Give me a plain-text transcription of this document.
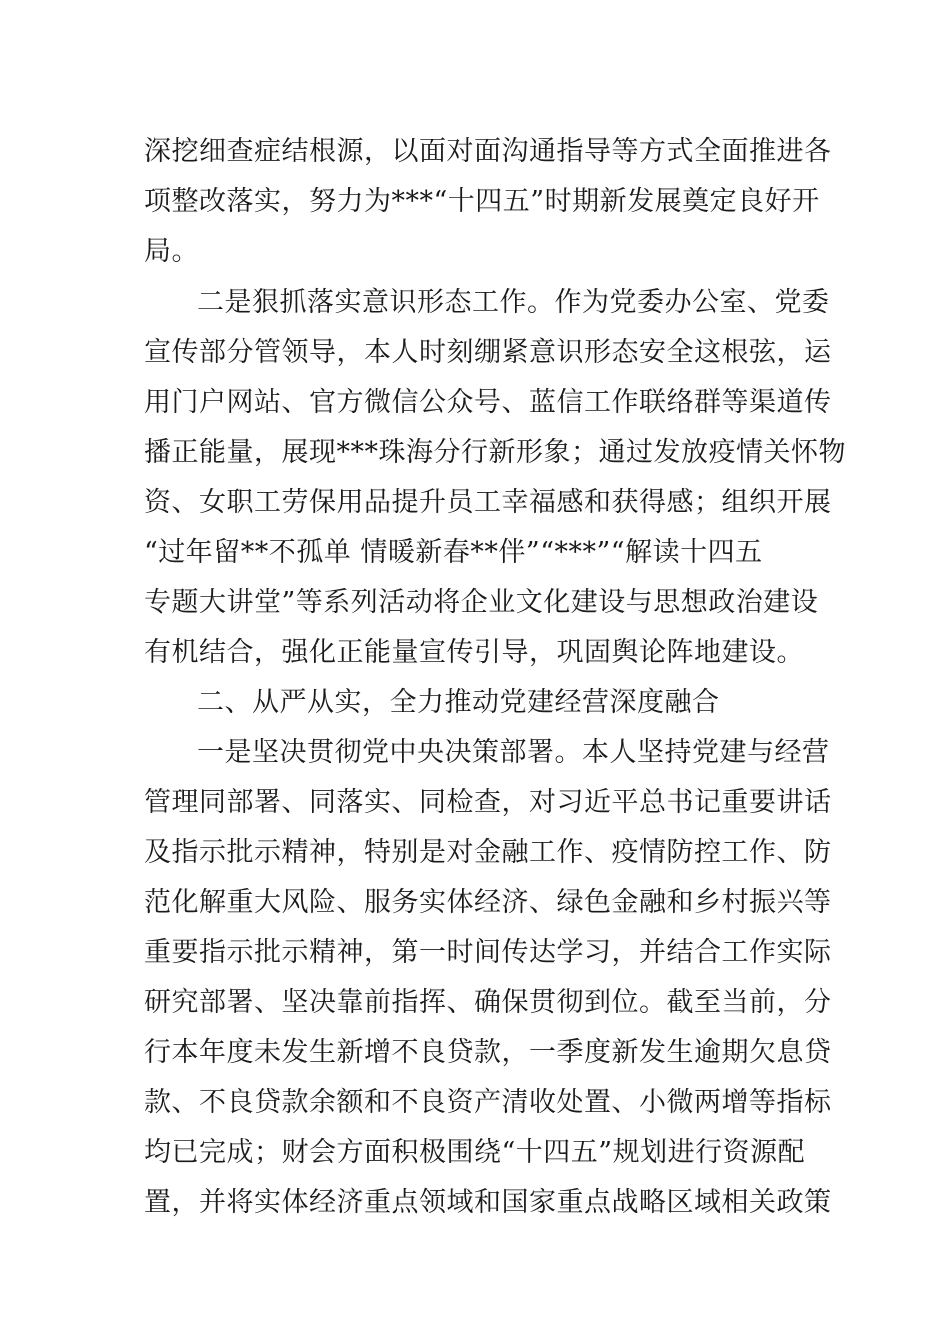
深挖细查症结根源，以面对面沟通指导等方式全面推进各
项整改落实，努力为***“十四五”时期新发展奠定良好开
局。
二是狠抓落实意识形态工作。作为党委办公室、党委
宣传部分管领导，本人时刻绷紧意识形态安全这根弦，运
用门户网站、官方微信公众号、蓝信工作联络群等渠道传
播正能量，展现***珠海分行新形象；通过发放疫情关怀物
资、女职工劳保用品提升员工幸福感和获得感；组织开展
“过年留**不孤单 情暖新春**伴”“***”“解读十四五
专题大讲堂”等系列活动将企业文化建设与思想政治建设
有机结合，强化正能量宣传引导，巩固舆论阵地建设。
二、从严从实，全力推动党建经营深度融合
一是坚决贯彻党中央决策部署。本人坚持党建与经营
管理同部署、同落实、同检查，对习近平总书记重要讲话
及指示批示精神，特别是对金融工作、疫情防控工作、防
范化解重大风险、服务实体经济、绿色金融和乡村振兴等
重要指示批示精神，第一时间传达学习，并结合工作实际
研究部署、坚决靠前指挥、确保贯彻到位。截至当前，分
行本年度未发生新增不良贷款，一季度新发生逾期欠息贷
款、不良贷款余额和不良资产清收处置、小微两增等指标
均已完成；财会方面积极围绕“十四五”规划进行资源配
置，并将实体经济重点领域和国家重点战略区域相关政策
